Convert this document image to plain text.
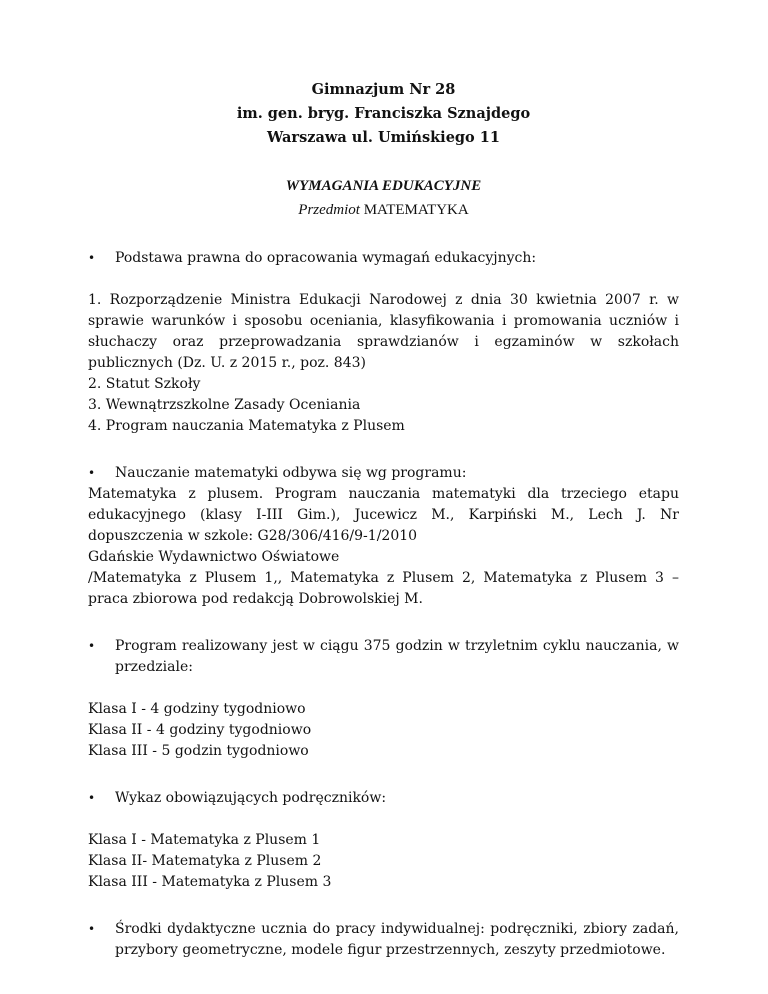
Gimnazjum Nr 28
im. gen. bryg. Franciszka Sznajdego
Warszawa ul. Umińskiego 11
WYMAGANIA EDUKACYJNE
Przedmiot MATEMATYKA
• Podstawa prawna do opracowania wymagań edukacyjnych:
1. Rozporządzenie Ministra Edukacji Narodowej z dnia 30 kwietnia 2007 r. w sprawie warunków i sposobu oceniania, klasyfikowania i promowania uczniów i słuchaczy oraz przeprowadzania sprawdzianów i egzaminów w szkołach publicznych (Dz. U. z 2015 r., poz. 843)
2. Statut Szkoły
3. Wewnątrzszkolne Zasady Oceniania
4. Program nauczania Matematyka z Plusem
• Nauczanie matematyki odbywa się wg programu:
Matematyka z plusem. Program nauczania matematyki dla trzeciego etapu edukacyjnego (klasy I-III Gim.), Jucewicz M., Karpiński M., Lech J. Nr dopuszczenia w szkole: G28/306/416/9-1/2010
Gdańskie Wydawnictwo Oświatowe
/Matematyka z Plusem 1,, Matematyka z Plusem 2, Matematyka z Plusem 3 – praca zbiorowa pod redakcją Dobrowolskiej M.
• Program realizowany jest w ciągu 375 godzin w trzyletnim cyklu nauczania, w przedziale:
Klasa I - 4 godziny tygodniowo
Klasa II - 4 godziny tygodniowo
Klasa III - 5 godzin tygodniowo
• Wykaz obowiązujących podręczników:
Klasa I - Matematyka z Plusem 1
Klasa II- Matematyka z Plusem 2
Klasa III - Matematyka z Plusem 3
• Środki dydaktyczne ucznia do pracy indywidualnej: podręczniki, zbiory zadań, przybory geometryczne, modele figur przestrzennych, zeszyty przedmiotowe.
